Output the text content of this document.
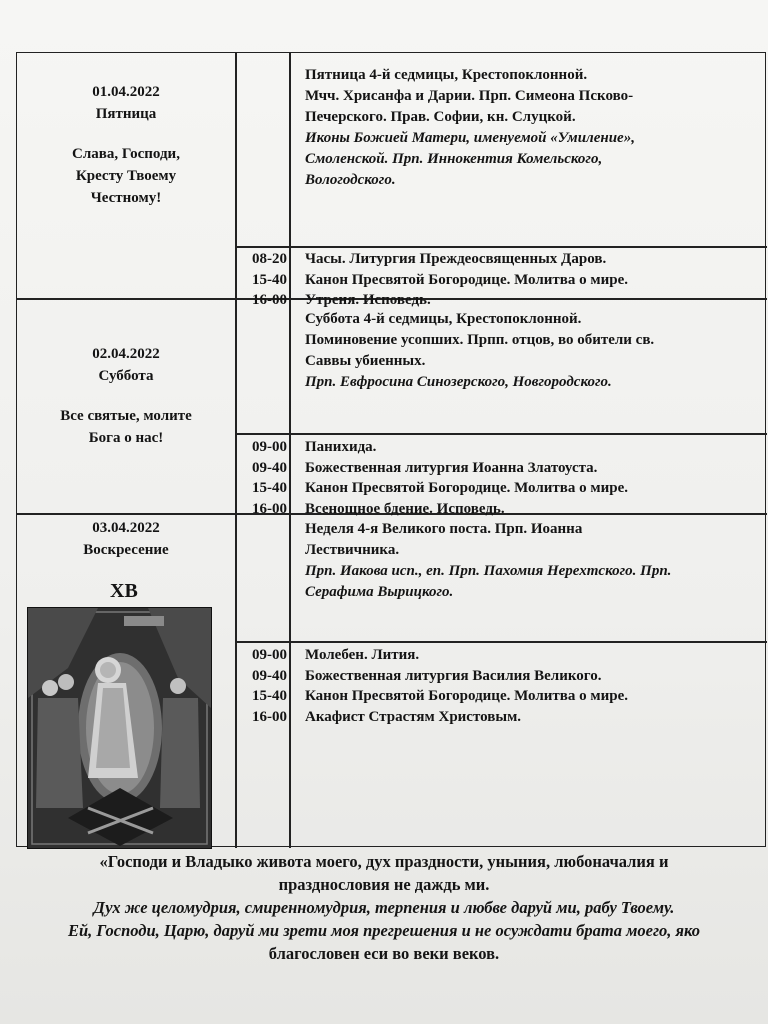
01.04.2022
Пятница
Слава, Господи,
Кресту Твоему
Честному!
Пятница 4-й седмицы, Крестопоклонной.
Мчч. Хрисанфа и Дарии. Прп. Симеона Псково-
Печерского. Прав. Софии, кн. Слуцкой.
Иконы Божией Матери, именуемой «Умиление»,
Смоленской. Прп. Иннокентия Комельского,
Вологодского.
08-20
15-40
16-00
Часы. Литургия Преждеосвященных Даров.
Канон Пресвятой Богородице. Молитва о мире.
Утреня. Исповедь.
02.04.2022
Суббота
Все святые, молите
Бога о нас!
Суббота 4-й седмицы, Крестопоклонной.
Поминовение усопших. Прпп. отцов, во обители св.
Саввы убиенных.
Прп. Евфросина Синозерского, Новгородского.
09-00
09-40
15-40
16-00
Панихида.
Божественная литургия Иоанна Златоуста.
Канон Пресвятой Богородице. Молитва о мире.
Всенощное бдение. Исповедь.
03.04.2022
Воскресение
ХВ
Неделя 4-я Великого поста. Прп. Иоанна
Лествичника.
Прп. Иакова исп., еп. Прп. Пахомия Нерехтского. Прп.
Серафима Вырицкого.
09-00
09-40
15-40
16-00
Молебен. Лития.
Божественная литургия Василия Великого.
Канон Пресвятой Богородице. Молитва о мире.
Акафист Страстям Христовым.
«Господи и Владыко живота моего, дух праздности, уныния, любоначалия и
празднословия не даждь ми.
Дух же целомудрия, смиренномудрия, терпения и любве даруй ми, рабу Твоему.
Ей, Господи, Царю, даруй ми зрети моя прегрешения и не осуждати брата моего, яко
благословен еси во веки веков.
